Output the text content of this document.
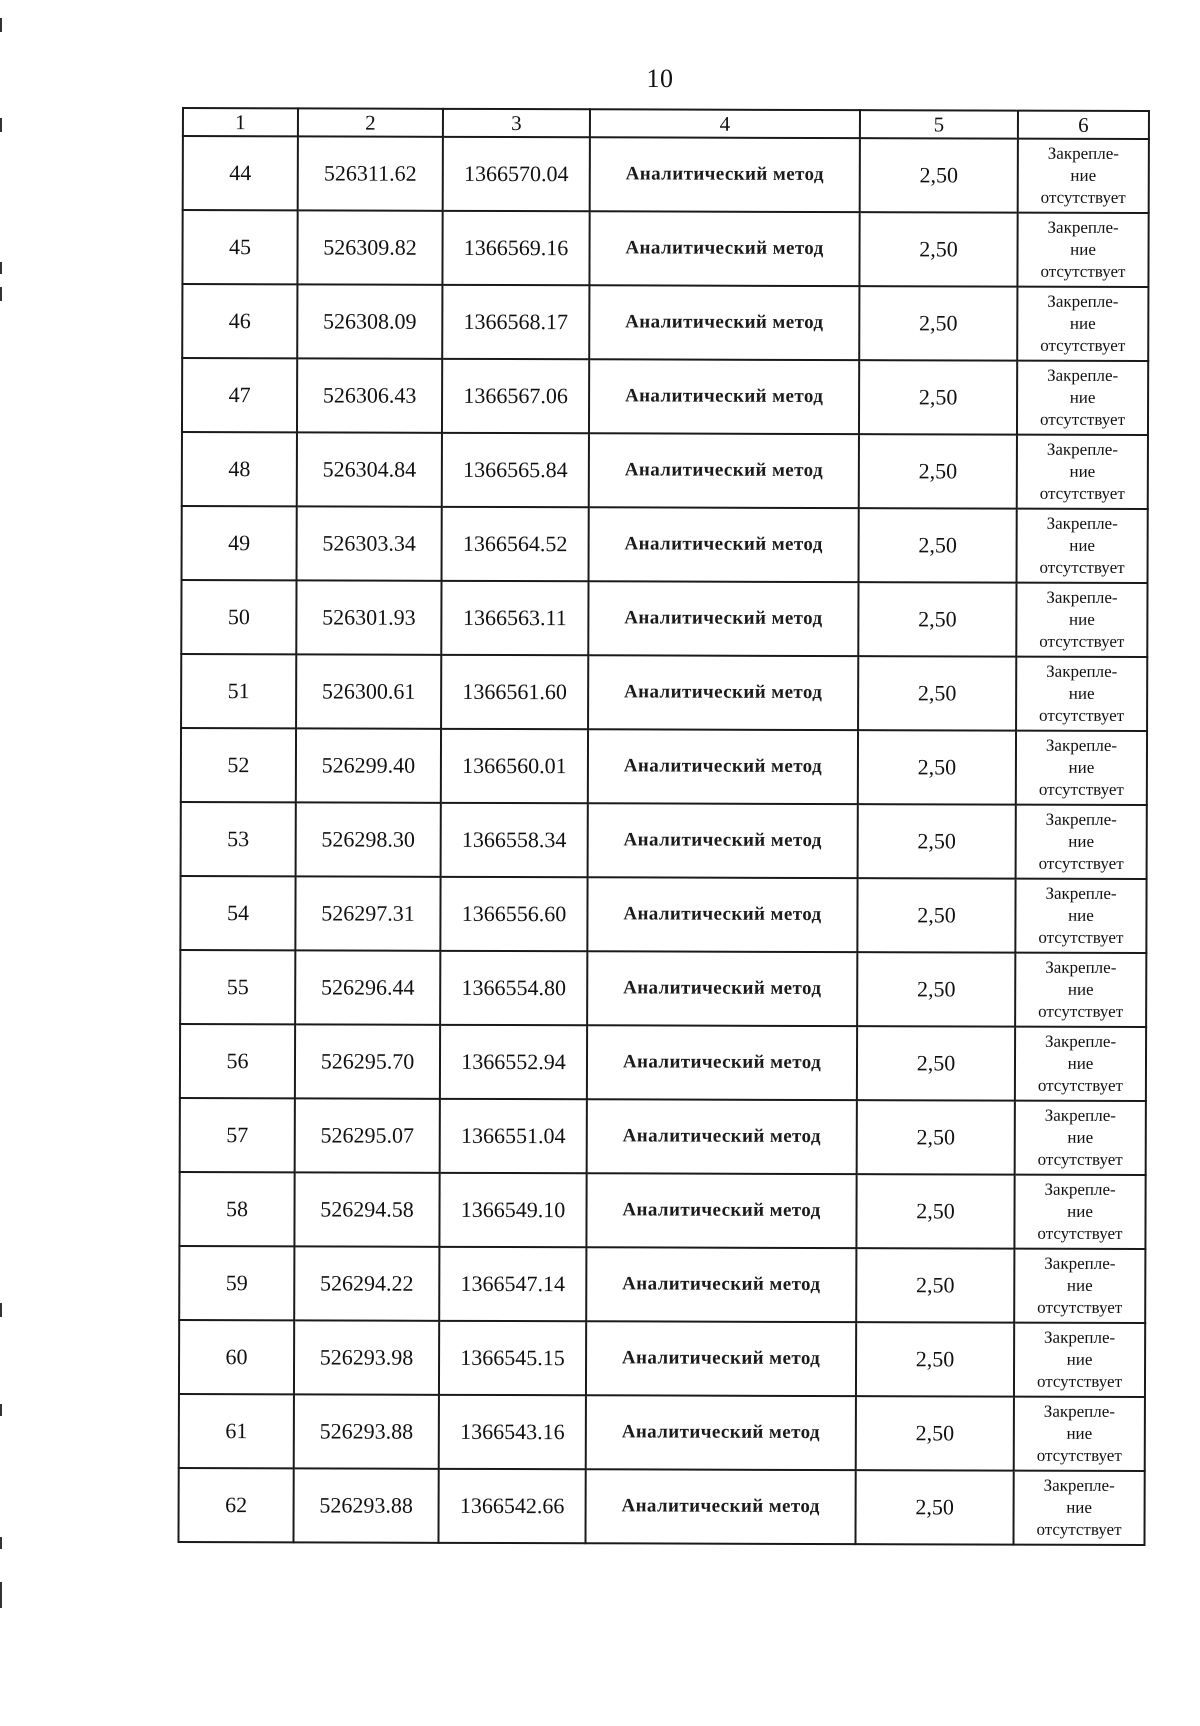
10
1	2	3	4	5	6
44	526311.62	1366570.04	Аналитический метод	2,50	Закрепле-
ние
отсутствует

45	526309.82	1366569.16	Аналитический метод	2,50	Закрепле-
ние
отсутствует

46	526308.09	1366568.17	Аналитический метод	2,50	Закрепле-
ние
отсутствует

47	526306.43	1366567.06	Аналитический метод	2,50	Закрепле-
ние
отсутствует

48	526304.84	1366565.84	Аналитический метод	2,50	Закрепле-
ние
отсутствует

49	526303.34	1366564.52	Аналитический метод	2,50	Закрепле-
ние
отсутствует

50	526301.93	1366563.11	Аналитический метод	2,50	Закрепле-
ние
отсутствует

51	526300.61	1366561.60	Аналитический метод	2,50	Закрепле-
ние
отсутствует

52	526299.40	1366560.01	Аналитический метод	2,50	Закрепле-
ние
отсутствует

53	526298.30	1366558.34	Аналитический метод	2,50	Закрепле-
ние
отсутствует

54	526297.31	1366556.60	Аналитический метод	2,50	Закрепле-
ние
отсутствует

55	526296.44	1366554.80	Аналитический метод	2,50	Закрепле-
ние
отсутствует

56	526295.70	1366552.94	Аналитический метод	2,50	Закрепле-
ние
отсутствует

57	526295.07	1366551.04	Аналитический метод	2,50	Закрепле-
ние
отсутствует

58	526294.58	1366549.10	Аналитический метод	2,50	Закрепле-
ние
отсутствует

59	526294.22	1366547.14	Аналитический метод	2,50	Закрепле-
ние
отсутствует

60	526293.98	1366545.15	Аналитический метод	2,50	Закрепле-
ние
отсутствует

61	526293.88	1366543.16	Аналитический метод	2,50	Закрепле-
ние
отсутствует

62	526293.88	1366542.66	Аналитический метод	2,50	Закрепле-
ние
отсутствует
